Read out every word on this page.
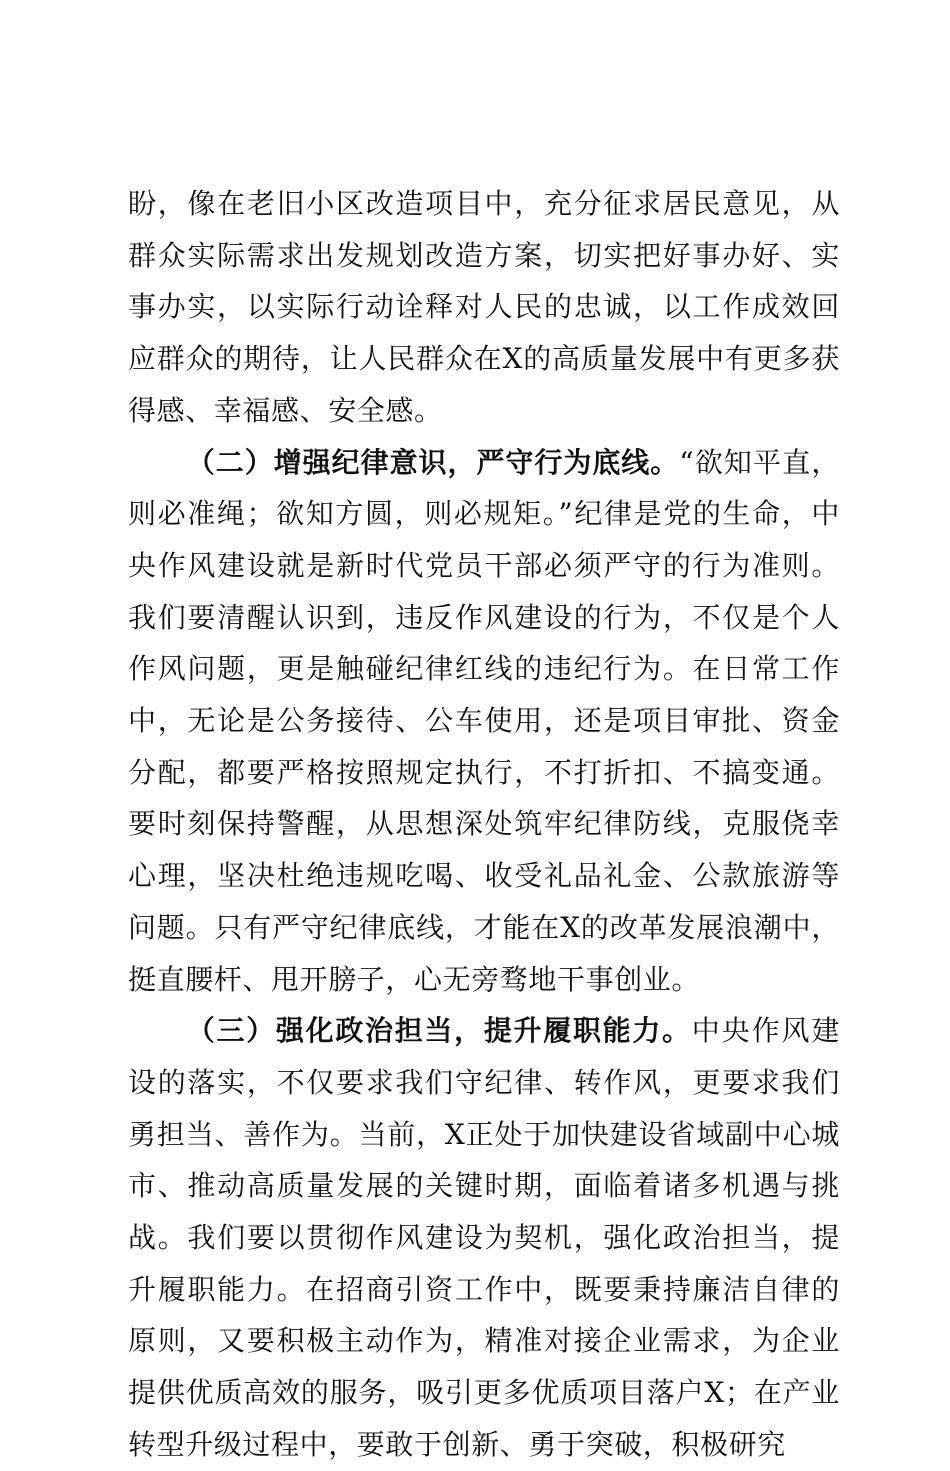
盼，像在老旧小区改造项目中，充分征求居民意见，从群众实际需求出发规划改造方案，切实把好事办好、实事办实，以实际行动诠释对人民的忠诚，以工作成效回应群众的期待，让人民群众在X的高质量发展中有更多获得感、幸福感、安全感。

（二）增强纪律意识，严守行为底线。“欲知平直，则必准绳；欲知方圆，则必规矩。”纪律是党的生命，中央作风建设就是新时代党员干部必须严守的行为准则。我们要清醒认识到，违反作风建设的行为，不仅是个人作风问题，更是触碰纪律红线的违纪行为。在日常工作中，无论是公务接待、公车使用，还是项目审批、资金分配，都要严格按照规定执行，不打折扣、不搞变通。要时刻保持警醒，从思想深处筑牢纪律防线，克服侥幸心理，坚决杜绝违规吃喝、收受礼品礼金、公款旅游等问题。只有严守纪律底线，才能在X的改革发展浪潮中，挺直腰杆、甩开膀子，心无旁骛地干事创业。

（三）强化政治担当，提升履职能力。中央作风建设的落实，不仅要求我们守纪律、转作风，更要求我们勇担当、善作为。当前，X正处于加快建设省域副中心城市、推动高质量发展的关键时期，面临着诸多机遇与挑战。我们要以贯彻作风建设为契机，强化政治担当，提升履职能力。在招商引资工作中，既要秉持廉洁自律的原则，又要积极主动作为，精准对接企业需求，为企业提供优质高效的服务，吸引更多优质项目落户X；在产业转型升级过程中，要敢于创新、勇于突破，积极研究
